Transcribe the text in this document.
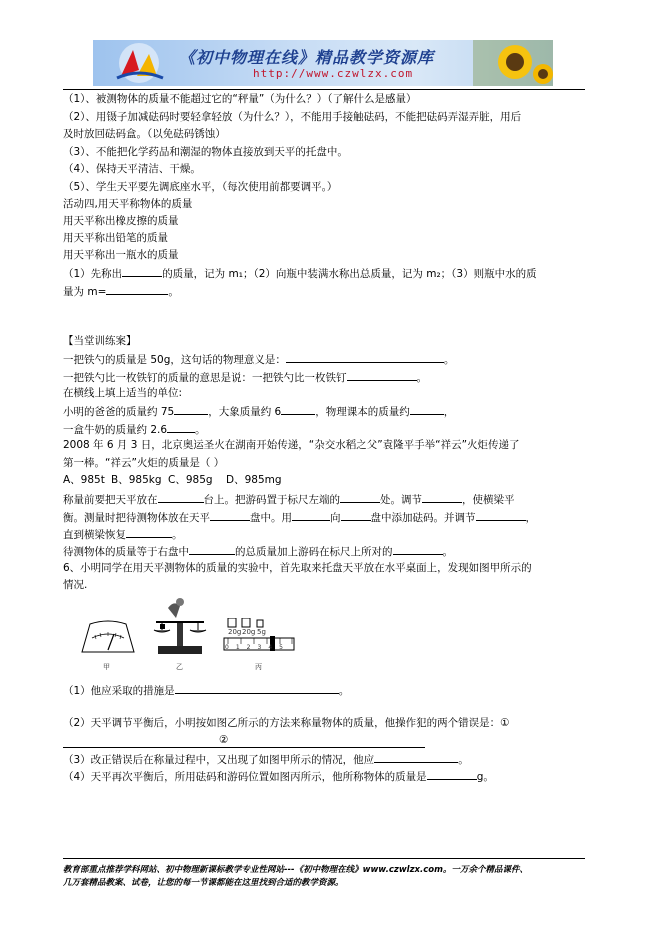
《初中物理在线》精品教学资源库
http://www.czwlzx.com
（1）、被测物体的质量不能超过它的“秤量”（为什么？）（了解什么是感量）
（2）、用镊子加减砝码时要轻拿轻放（为什么？），不能用手接触砝码，不能把砝码弄湿弄脏，用后
及时放回砝码盒。（以免砝码锈蚀）
（3）、不能把化学药品和潮湿的物体直接放到天平的托盘中。
（4）、保持天平清洁、干燥。
（5）、学生天平要先调底座水平，（每次使用前都要调平。）
活动四,用天平称物体的质量
用天平称出橡皮擦的质量
用天平称出铅笔的质量
用天平称出一瓶水的质量
（1）先称出	的质量，记为 m₁；（2）向瓶中装满水称出总质量，记为 m₂；（3）则瓶中水的质
量为 m=	。
【当堂训练案】
一把铁勺的质量是 50g，这句话的物理意义是：	。
一把铁勺比一枚铁钉的质量的意思是说：一把铁勺比一枚铁钉	。
在横线上填上适当的单位:
小明的爸爸的质量约 75	，大象质量约 6	，物理课本的质量约	，
一盒牛奶的质量约 2.6	。
2008 年 6 月 3 日，北京奥运圣火在湖南开始传递，“杂交水稻之父”袁隆平手举“祥云”火炬传递了
第一棒。“祥云”火炬的质量是（ ）
A、985t B、985kg C、985g D、985mg
称量前要把天平放在	台上。把游码置于标尺左端的	处。调节	，使横梁平
衡。测量时把待测物体放在天平	盘中。用	向	盘中添加砝码。并调节	，
直到横梁恢复	。
待测物体的质量等于右盘中	的总质量加上游码在标尺上所对的	。
6、小明同学在用天平测物体的质量的实验中，首先取来托盘天平放在水平桌面上，发现如图甲所示的
情况.
甲	乙
20g 20g 5g
012345
丙
（1）他应采取的措施是	。
（2）天平调节平衡后，小明按如图乙所示的方法来称量物体的质量，他操作犯的两个错误是：①
②
（3）改正错误后在称量过程中，又出现了如图甲所示的情况，他应	。
（4）天平再次平衡后，所用砝码和游码位置如图丙所示，他所称物体的质量是	g。
教育部重点推荐学科网站、初中物理新课标教学专业性网站---《初中物理在线》www.czwlzx.com。一万余个精品课件、
几万套精品教案、试卷，让您的每一节课都能在这里找到合适的教学资源。
